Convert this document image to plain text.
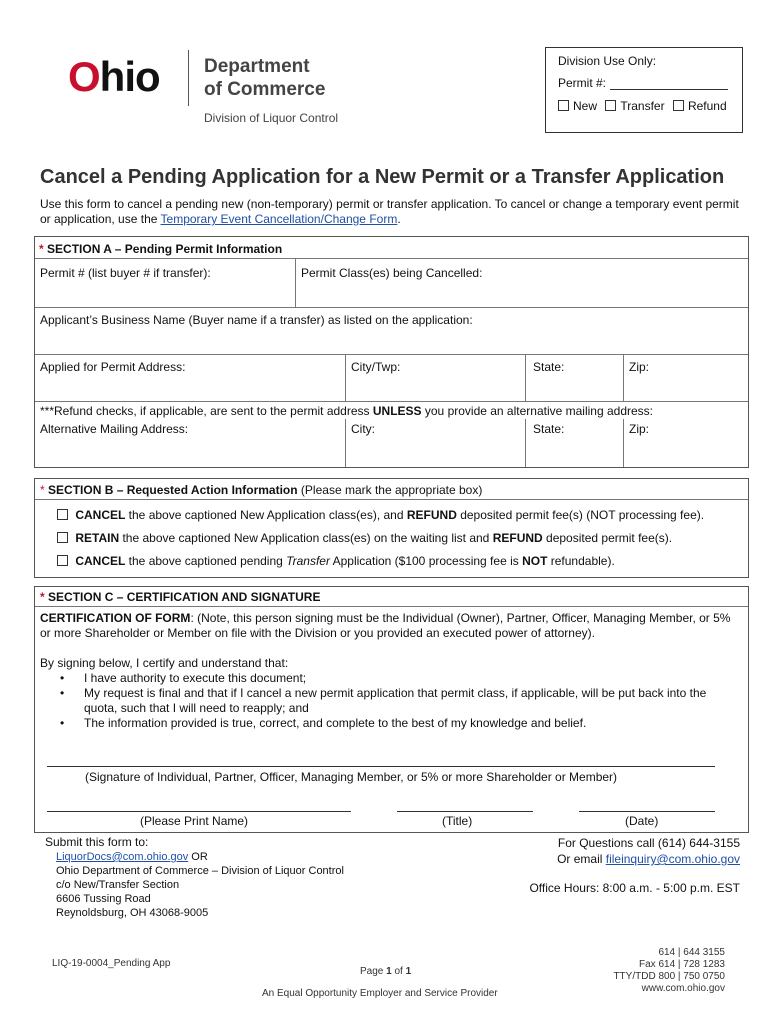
Ohio Department
of Commerce
Division of Liquor Control
Division Use Only:
Permit #:
New Transfer Refund
Cancel a Pending Application for a New Permit or a Transfer Application
Use this form to cancel a pending new (non-temporary) permit or transfer application. To cancel or change a temporary event permit or application, use the Temporary Event Cancellation/Change Form.
* SECTION A – Pending Permit Information
Permit # (list buyer # if transfer):	Permit Class(es) being Cancelled:
Applicant’s Business Name (Buyer name if a transfer) as listed on the application:
Applied for Permit Address:	City/Twp:	State:	Zip:
***Refund checks, if applicable, are sent to the permit address UNLESS you provide an alternative mailing address:
Alternative Mailing Address:	City:	State:	Zip:
* SECTION B – Requested Action Information (Please mark the appropriate box)
CANCEL the above captioned New Application class(es), and REFUND deposited permit fee(s) (NOT processing fee).
RETAIN the above captioned New Application class(es) on the waiting list and REFUND deposited permit fee(s).
CANCEL the above captioned pending Transfer Application ($100 processing fee is NOT refundable).
* SECTION C – CERTIFICATION AND SIGNATURE
CERTIFICATION OF FORM: (Note, this person signing must be the Individual (Owner), Partner, Officer, Managing Member, or 5% or more Shareholder or Member on file with the Division or you provided an executed power of attorney).
By signing below, I certify and understand that:
• I have authority to execute this document;
• My request is final and that if I cancel a new permit application that permit class, if applicable, will be put back into the quota, such that I will need to reapply; and
• The information provided is true, correct, and complete to the best of my knowledge and belief.
(Signature of Individual, Partner, Officer, Managing Member, or 5% or more Shareholder or Member)
(Please Print Name)	(Title)	(Date)
Submit this form to:
LiquorDocs@com.ohio.gov OR
Ohio Department of Commerce – Division of Liquor Control
c/o New/Transfer Section
6606 Tussing Road
Reynoldsburg, OH 43068-9005
For Questions call (614) 644-3155
Or email fileinquiry@com.ohio.gov
Office Hours: 8:00 a.m. - 5:00 p.m. EST
LIQ-19-0004_Pending App
Page 1 of 1
614 | 644 3155
Fax 614 | 728 1283
TTY/TDD 800 | 750 0750
www.com.ohio.gov
An Equal Opportunity Employer and Service Provider
